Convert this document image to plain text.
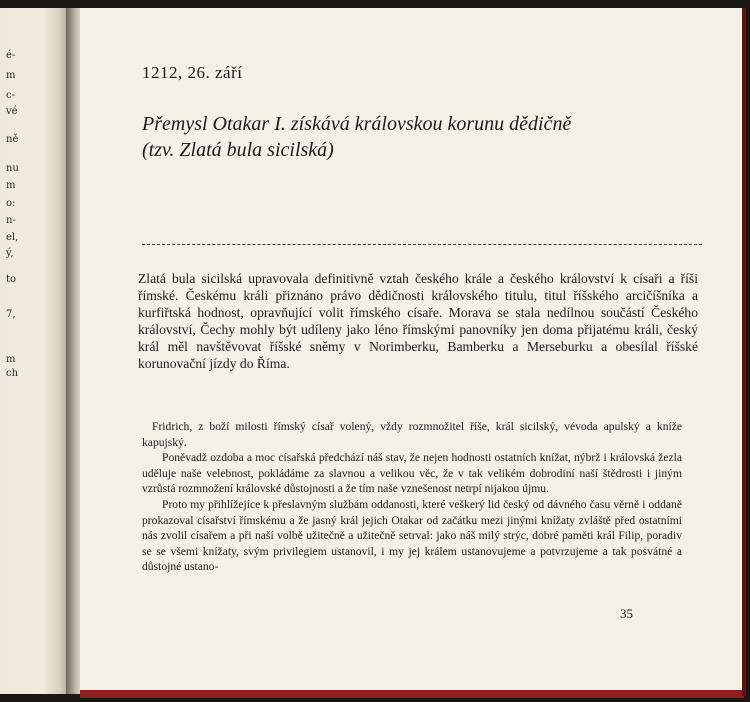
é-
m
c-
vé
ně
nu
m
o:
n-
el,
ý,
to
7,
m
ch
1212, 26. září
Přemysl Otakar I. získává královskou korunu dědičně
(tzv. Zlatá bula sicilská)
Zlatá bula sicilská upravovala definitivně vztah českého krále a českého království k císaři a říši římské. Českému králi přiznáno právo dědičnosti královského titulu, titul říšského arcičíšníka a kurfiřtská hodnost, opravňující volit římského císaře. Morava se stala nedílnou součástí Českého království, Čechy mohly být udíleny jako léno římskými panovníky jen doma přijatému králi, český král měl navštěvovat říšské sněmy v Norimberku, Bamberku a Merseburku a obesílal říšské korunovační jízdy do Říma.

Fridrich, z boží milosti římský císař volený, vždy rozmnožitel říše, král sicilský, vévoda apulský a kníže kapujský.

Poněvadž ozdoba a moc císařská předchází náš stav, že nejen hodnosti ostatních knížat, nýbrž i královská žezla uděluje naše velebnost, pokládáme za slavnou a velikou věc, že v tak velikém dobrodiní naší štědrosti i jiným vzrůstá rozmnožení královské důstojnosti a že tím naše vznešenost netrpí nijakou újmu.

Proto my přihlížejíce k přeslavným službám oddanosti, které veškerý lid český od dávného času věrně i oddaně prokazoval císařství římskému a že jasný král jejich Otakar od začátku mezi jinými knížaty zvláště před ostatními nás zvolil císařem a při naší volbě užitečně a užitečně setrval: jako náš milý strýc, dobré paměti král Filip, poradiv se se všemi knížaty, svým privilegiem ustanovil, i my jej králem ustanovujeme a potvrzujeme a tak posvátné a důstojné ustano-

35
